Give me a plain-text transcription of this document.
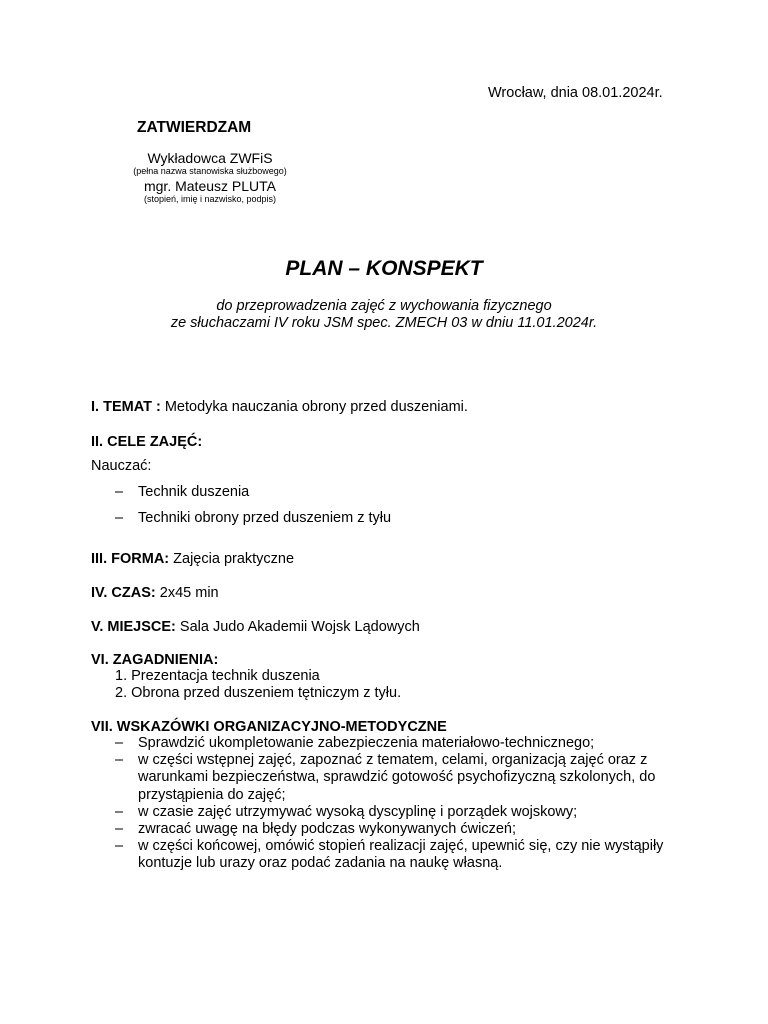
Wrocław, dnia 08.01.2024r.
ZATWIERDZAM
Wykładowca ZWFiS
(pełna nazwa stanowiska służbowego)
mgr. Mateusz PLUTA
(stopień, imię i nazwisko, podpis)
PLAN – KONSPEKT
do przeprowadzenia zajęć z wychowania fizycznego
ze słuchaczami IV roku JSM spec. ZMECH 03 w dniu 11.01.2024r.
I. TEMAT : Metodyka nauczania obrony przed duszeniami.
II. CELE ZAJĘĆ:
Nauczać:
– Technik duszenia
– Techniki obrony przed duszeniem z tyłu
III. FORMA: Zajęcia praktyczne
IV. CZAS: 2x45 min
V. MIEJSCE: Sala Judo Akademii Wojsk Lądowych
VI. ZAGADNIENIA:
1. Prezentacja technik duszenia
2. Obrona przed duszeniem tętniczym z tyłu.
VII. WSKAZÓWKI ORGANIZACYJNO-METODYCZNE
–	Sprawdzić ukompletowanie zabezpieczenia materiałowo-technicznego;
–	w części wstępnej zajęć, zapoznać z tematem, celami, organizacją zajęć oraz z warunkami bezpieczeństwa, sprawdzić gotowość psychofizyczną szkolonych, do przystąpienia do zajęć;
–	w czasie zajęć utrzymywać wysoką dyscyplinę i porządek wojskowy;
–	zwracać uwagę na błędy podczas wykonywanych ćwiczeń;
–	w części końcowej, omówić stopień realizacji zajęć, upewnić się, czy nie wystąpiły kontuzje lub urazy oraz podać zadania na naukę własną.
